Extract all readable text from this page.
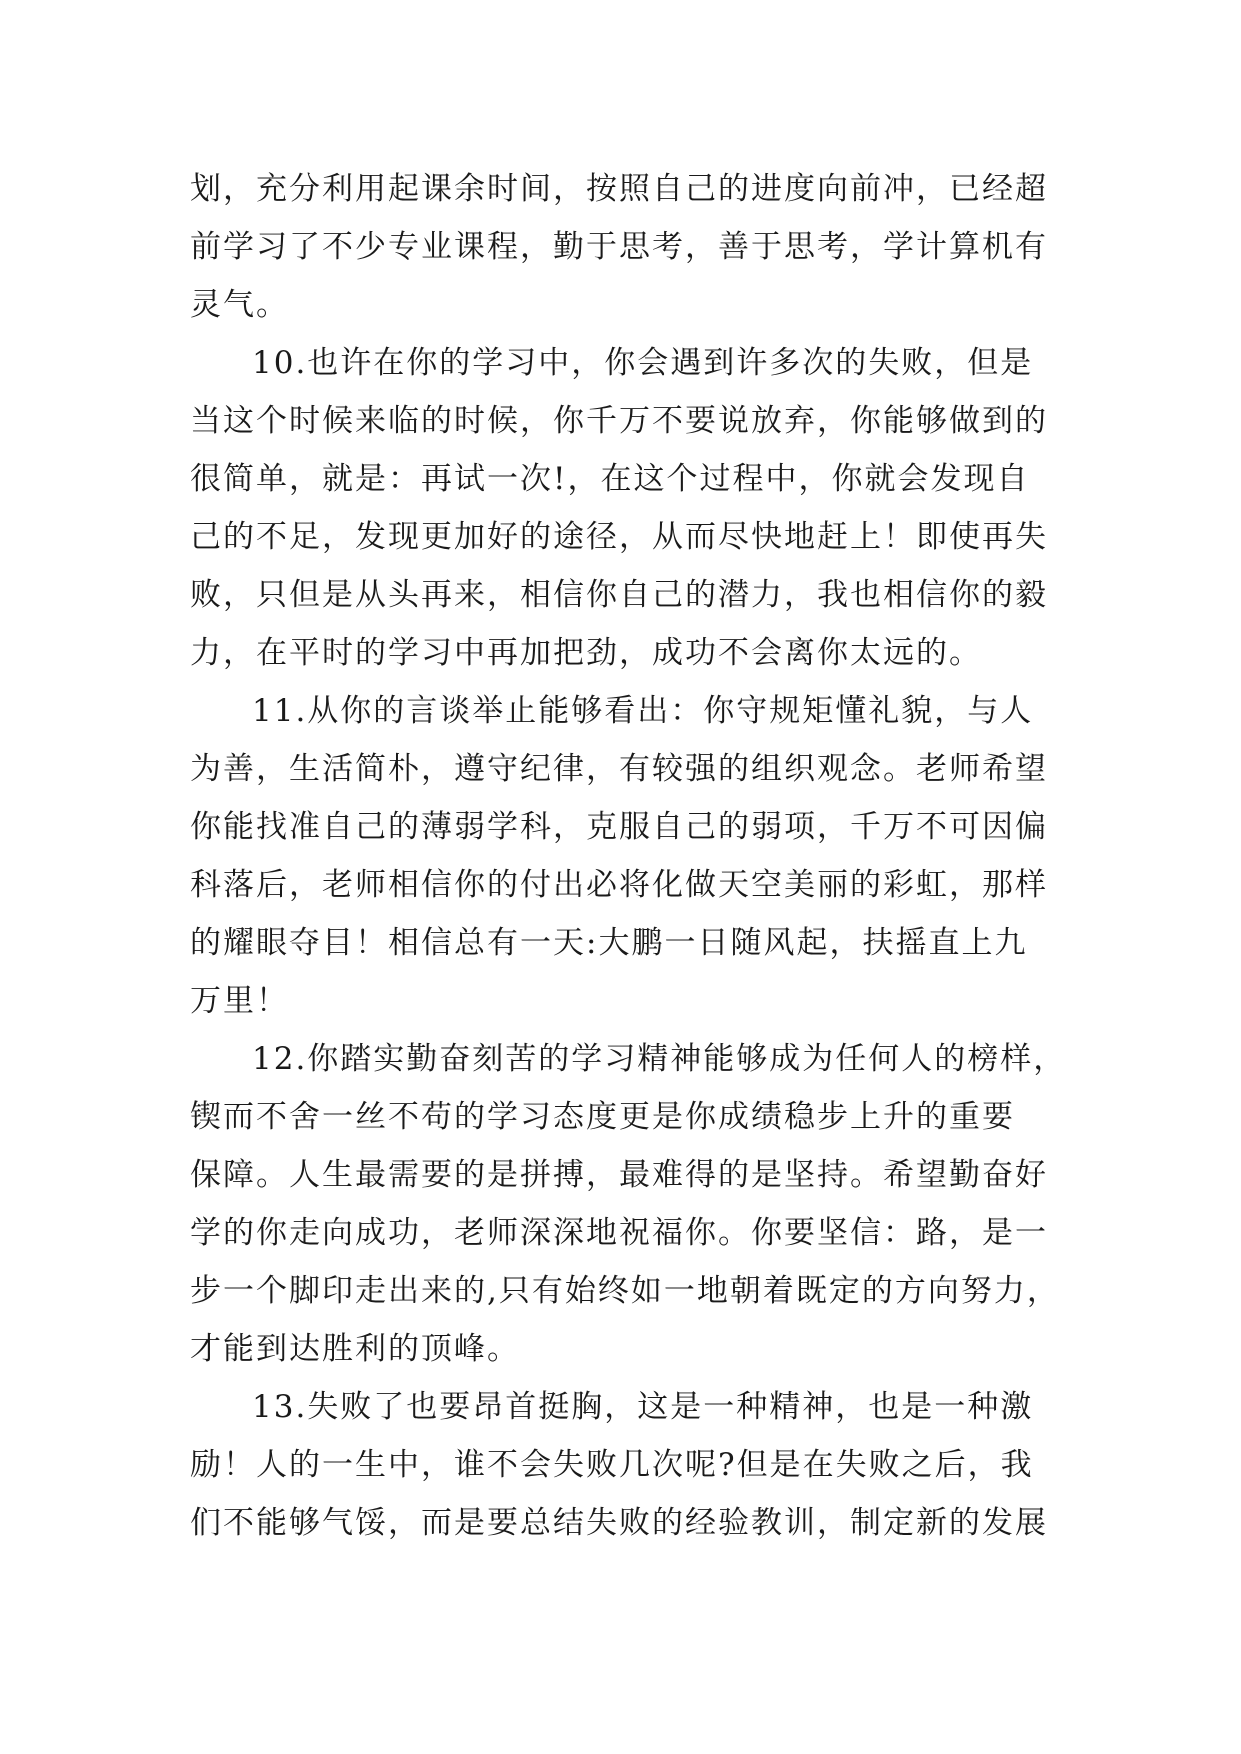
划，充分利用起课余时间，按照自己的进度向前冲，已经超
前学习了不少专业课程，勤于思考，善于思考，学计算机有
灵气。
10.也许在你的学习中，你会遇到许多次的失败，但是
当这个时候来临的时候，你千万不要说放弃，你能够做到的
很简单，就是：再试一次!，在这个过程中，你就会发现自
己的不足，发现更加好的途径，从而尽快地赶上！即使再失
败，只但是从头再来，相信你自己的潜力，我也相信你的毅
力，在平时的学习中再加把劲，成功不会离你太远的。
11.从你的言谈举止能够看出：你守规矩懂礼貌，与人
为善，生活简朴，遵守纪律，有较强的组织观念。老师希望
你能找准自己的薄弱学科，克服自己的弱项，千万不可因偏
科落后，老师相信你的付出必将化做天空美丽的彩虹，那样
的耀眼夺目！相信总有一天:大鹏一日随风起，扶摇直上九
万里！
12.你踏实勤奋刻苦的学习精神能够成为任何人的榜样，
锲而不舍一丝不苟的学习态度更是你成绩稳步上升的重要
保障。人生最需要的是拼搏，最难得的是坚持。希望勤奋好
学的你走向成功，老师深深地祝福你。你要坚信：路，是一
步一个脚印走出来的,只有始终如一地朝着既定的方向努力，
才能到达胜利的顶峰。
13.失败了也要昂首挺胸，这是一种精神，也是一种激
励！人的一生中，谁不会失败几次呢?但是在失败之后，我
们不能够气馁，而是要总结失败的经验教训，制定新的发展
